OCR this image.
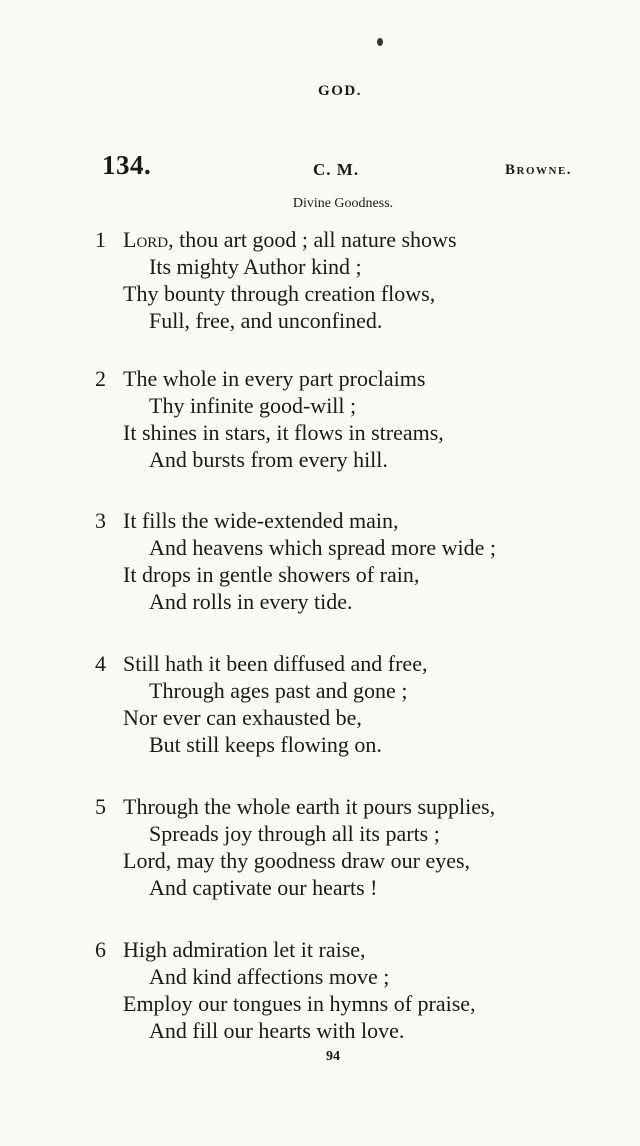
GOD.
134.	C. M.	Browne.
Divine Goodness.
1 Lord, thou art good ; all nature shows
Its mighty Author kind ;
Thy bounty through creation flows,
Full, free, and unconfined.
2 The whole in every part proclaims
Thy infinite good-will ;
It shines in stars, it flows in streams,
And bursts from every hill.
3 It fills the wide-extended main,
And heavens which spread more wide ;
It drops in gentle showers of rain,
And rolls in every tide.
4 Still hath it been diffused and free,
Through ages past and gone ;
Nor ever can exhausted be,
But still keeps flowing on.
5 Through the whole earth it pours supplies,
Spreads joy through all its parts ;
Lord, may thy goodness draw our eyes,
And captivate our hearts !
6 High admiration let it raise,
And kind affections move ;
Employ our tongues in hymns of praise,
And fill our hearts with love.
94
